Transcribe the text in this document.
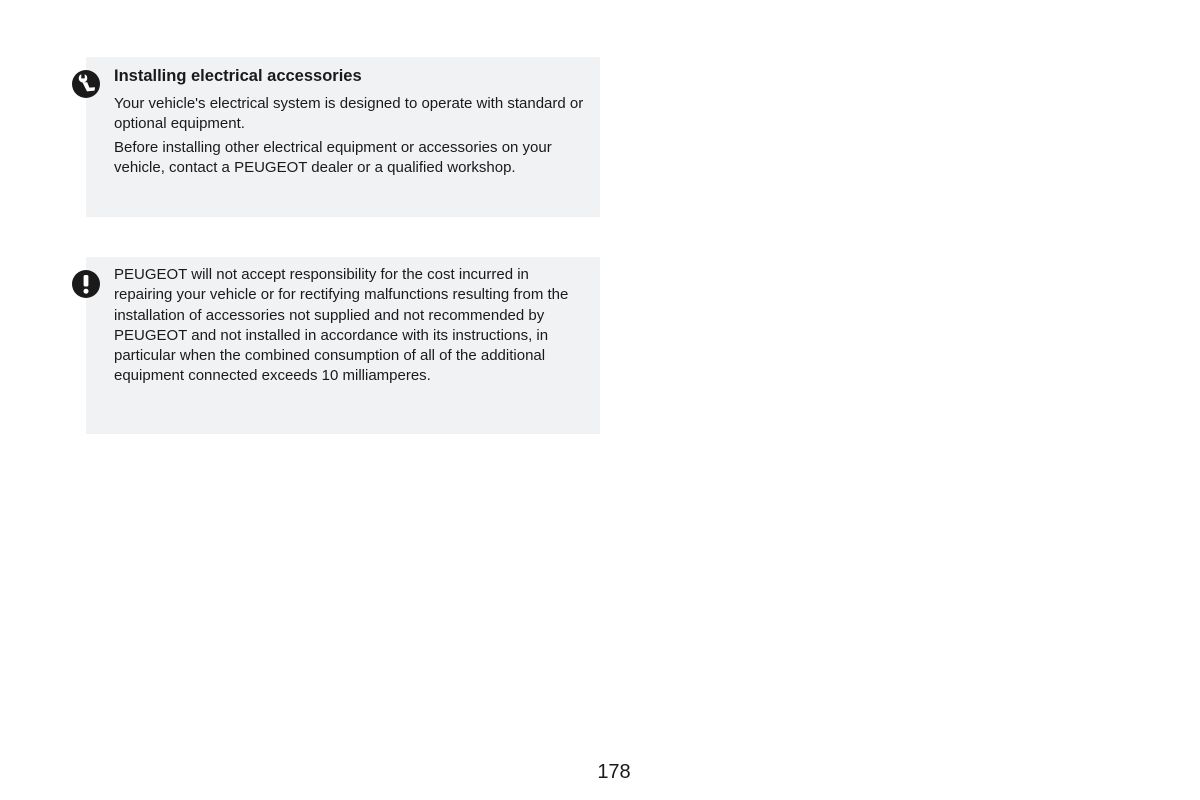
Installing electrical accessories

Your vehicle's electrical system is designed to operate with standard or optional equipment.

Before installing other electrical equipment or accessories on your vehicle, contact a PEUGEOT dealer or a qualified workshop.

PEUGEOT will not accept responsibility for the cost incurred in repairing your vehicle or for rectifying malfunctions resulting from the installation of accessories not supplied and not recommended by PEUGEOT and not installed in accordance with its instructions, in particular when the combined consumption of all of the additional equipment connected exceeds 10 milliamperes.

178
